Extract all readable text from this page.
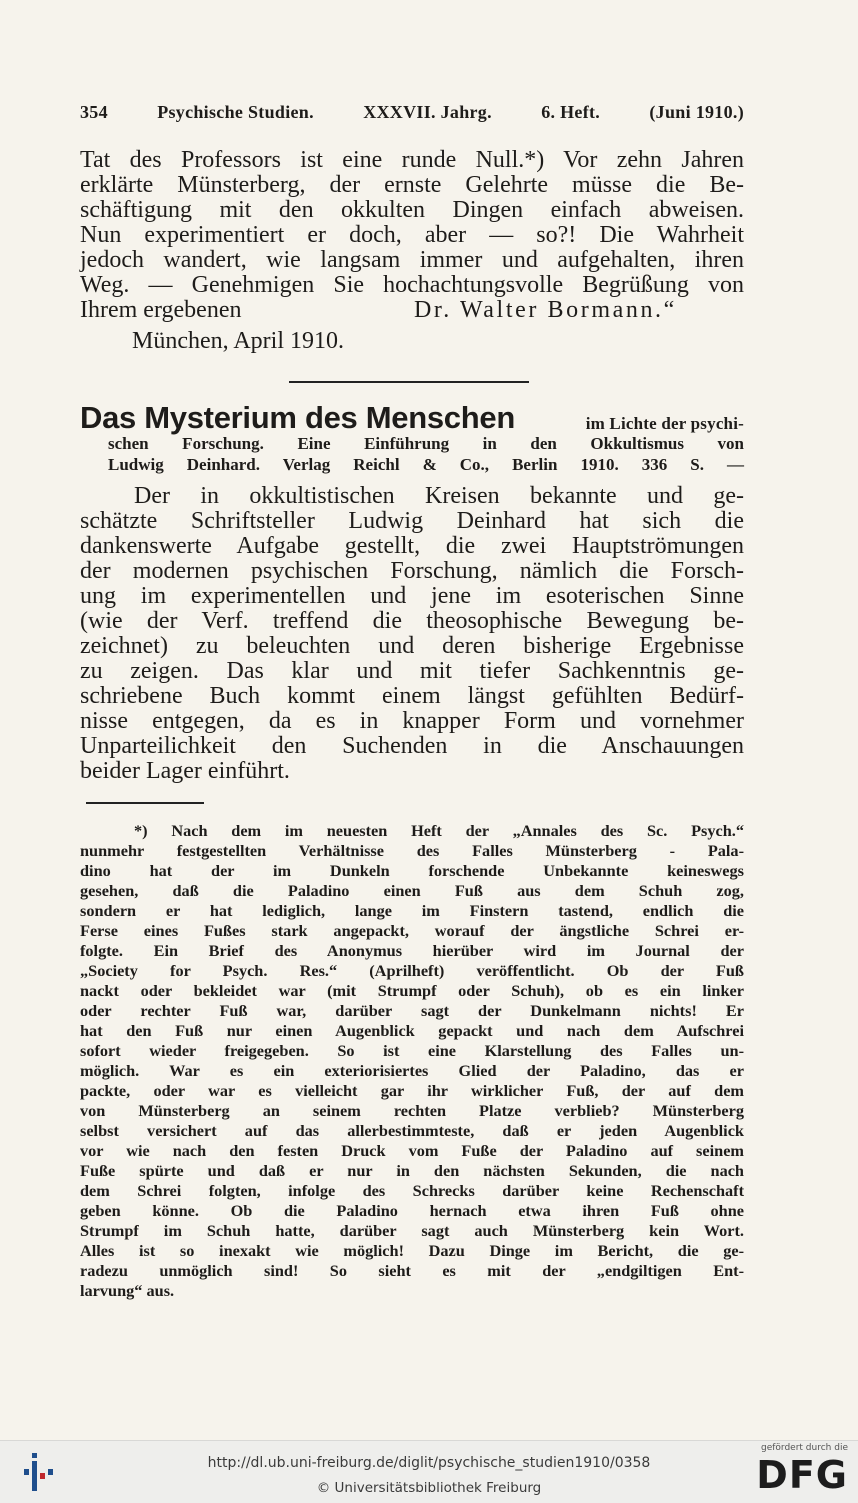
354	Psychische Studien.	XXXVII. Jahrg.	6. Heft.	(Juni 1910.)
Tat des Professors ist eine runde Null.*) Vor zehn Jahren
erklärte Münsterberg, der ernste Gelehrte müsse die Be-
schäftigung mit den okkulten Dingen einfach abweisen.
Nun experimentiert er doch, aber — so?! Die Wahrheit
jedoch wandert, wie langsam immer und aufgehalten, ihren
Weg. — Genehmigen Sie hochachtungsvolle Begrüßung von
Ihrem ergebenen	Dr. Walter Bormann.“
München, April 1910.
Das Mysterium des Menschen	im Lichte der psychi-
schen Forschung. Eine Einführung in den Okkultismus von
Ludwig Deinhard. Verlag Reichl & Co., Berlin 1910. 336 S. —
Der in okkultistischen Kreisen bekannte und ge-
schätzte Schriftsteller Ludwig Deinhard hat sich die
dankenswerte Aufgabe gestellt, die zwei Hauptströmungen
der modernen psychischen Forschung, nämlich die Forsch-
ung im experimentellen und jene im esoterischen Sinne
(wie der Verf. treffend die theosophische Bewegung be-
zeichnet) zu beleuchten und deren bisherige Ergebnisse
zu zeigen. Das klar und mit tiefer Sachkenntnis ge-
schriebene Buch kommt einem längst gefühlten Bedürf-
nisse entgegen, da es in knapper Form und vornehmer
Unparteilichkeit den Suchenden in die Anschauungen
beider Lager einführt.
*) Nach dem im neuesten Heft der „Annales des Sc. Psych.“
nunmehr festgestellten Verhältnisse des Falles Münsterberg - Pala-
dino hat der im Dunkeln forschende Unbekannte keineswegs
gesehen, daß die Paladino einen Fuß aus dem Schuh zog,
sondern er hat lediglich, lange im Finstern tastend, endlich die
Ferse eines Fußes stark angepackt, worauf der ängstliche Schrei er-
folgte. Ein Brief des Anonymus hierüber wird im Journal der
„Society for Psych. Res.“ (Aprilheft) veröffentlicht. Ob der Fuß
nackt oder bekleidet war (mit Strumpf oder Schuh), ob es ein linker
oder rechter Fuß war, darüber sagt der Dunkelmann nichts! Er
hat den Fuß nur einen Augenblick gepackt und nach dem Aufschrei
sofort wieder freigegeben. So ist eine Klarstellung des Falles un-
möglich. War es ein exteriorisiertes Glied der Paladino, das er
packte, oder war es vielleicht gar ihr wirklicher Fuß, der auf dem
von Münsterberg an seinem rechten Platze verblieb? Münsterberg
selbst versichert auf das allerbestimmteste, daß er jeden Augenblick
vor wie nach den festen Druck vom Fuße der Paladino auf seinem
Fuße spürte und daß er nur in den nächsten Sekunden, die nach
dem Schrei folgten, infolge des Schrecks darüber keine Rechenschaft
geben könne. Ob die Paladino hernach etwa ihren Fuß ohne
Strumpf im Schuh hatte, darüber sagt auch Münsterberg kein Wort.
Alles ist so inexakt wie möglich! Dazu Dinge im Bericht, die ge-
radezu unmöglich sind! So sieht es mit der „endgiltigen Ent-
larvung“ aus.
http://dl.ub.uni-freiburg.de/diglit/psychische_studien1910/0358
© Universitätsbibliothek Freiburg
gefördert durch die
DFG
